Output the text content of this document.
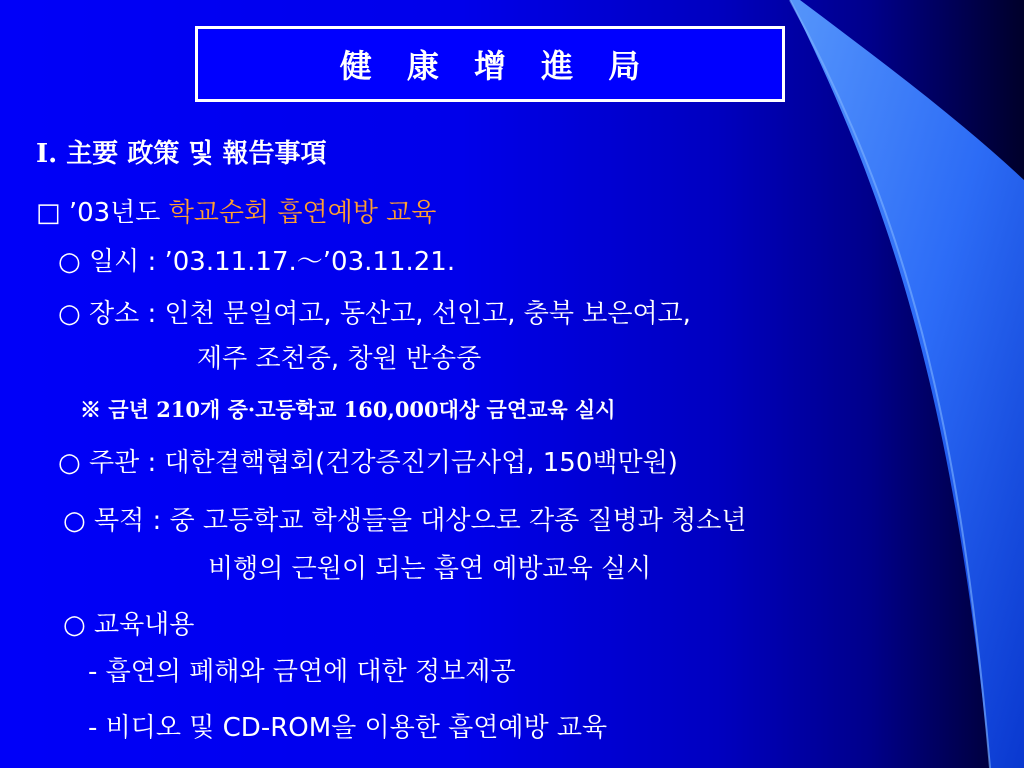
健 康 增 進 局
Ⅰ. 主要 政策 및 報告事項
□ ’03년도 학교순회 흡연예방 교육
○ 일시 : ’03.11.17.～’03.11.21.
○ 장소 : 인천 문일여고, 동산고, 선인고, 충북 보은여고,
제주 조천중, 창원 반송중
※ 금년 210개 중·고등학교 160,000대상 금연교육 실시
○ 주관 : 대한결핵협회(건강증진기금사업, 150백만원)
○ 목적 : 중 고등학교 학생들을 대상으로 각종 질병과 청소년
비행의 근원이 되는 흡연 예방교육 실시
○ 교육내용
- 흡연의 폐해와 금연에 대한 정보제공
- 비디오 및 CD-ROM을 이용한 흡연예방 교육
